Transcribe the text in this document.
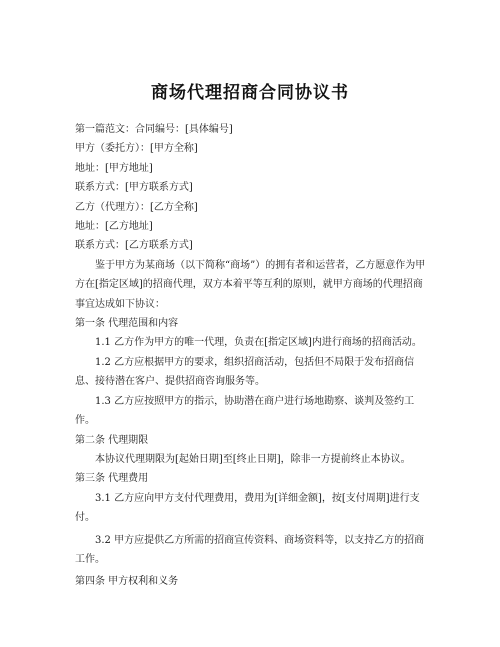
商场代理招商合同协议书
第一篇范文：合同编号：[具体编号]
甲方（委托方）：[甲方全称]
地址：[甲方地址]
联系方式：[甲方联系方式]
乙方（代理方）：[乙方全称]
地址：[乙方地址]
联系方式：[乙方联系方式]
鉴于甲方为某商场（以下简称“商场”）的拥有者和运营者，乙方愿意作为甲方在[指定区域]的招商代理，双方本着平等互利的原则，就甲方商场的代理招商事宜达成如下协议：
第一条 代理范围和内容
1.1 乙方作为甲方的唯一代理，负责在[指定区域]内进行商场的招商活动。
1.2 乙方应根据甲方的要求，组织招商活动，包括但不局限于发布招商信息、接待潜在客户、提供招商咨询服务等。
1.3 乙方应按照甲方的指示，协助潜在商户进行场地勘察、谈判及签约工作。
第二条 代理期限
本协议代理期限为[起始日期]至[终止日期]，除非一方提前终止本协议。
第三条 代理费用
3.1 乙方应向甲方支付代理费用，费用为[详细金额]，按[支付周期]进行支付。
3.2 甲方应提供乙方所需的招商宣传资料、商场资料等，以支持乙方的招商工作。
第四条 甲方权利和义务
